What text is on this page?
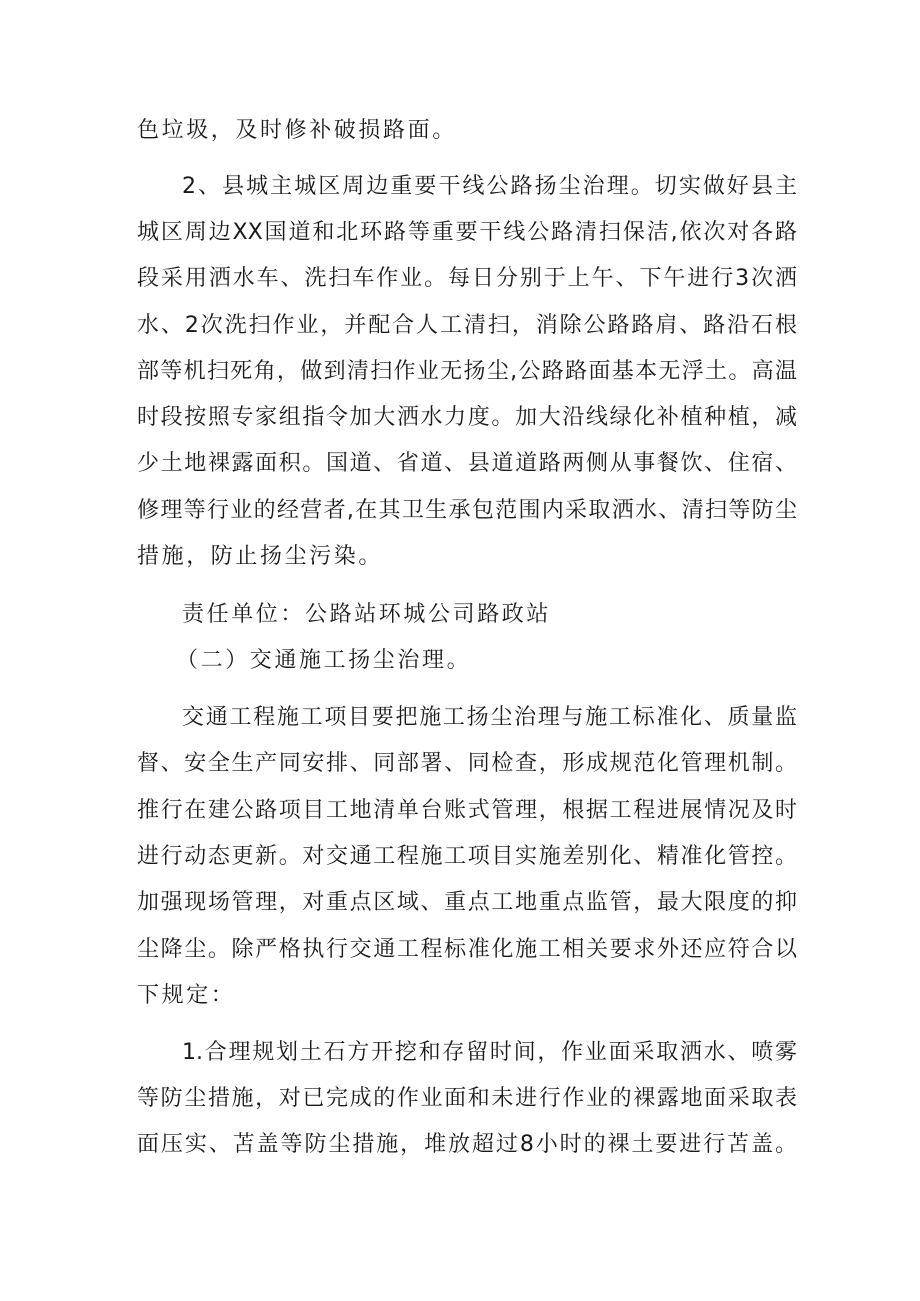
色垃圾，及时修补破损路面。
2、县城主城区周边重要干线公路扬尘治理。切实做好县主
城区周边XX国道和北环路等重要干线公路清扫保洁,依次对各路
段采用洒水车、洗扫车作业。每日分别于上午、下午进行3次洒
水、2次洗扫作业，并配合人工清扫，消除公路路肩、路沿石根
部等机扫死角，做到清扫作业无扬尘,公路路面基本无浮土。高温
时段按照专家组指令加大洒水力度。加大沿线绿化补植种植，减
少土地裸露面积。国道、省道、县道道路两侧从事餐饮、住宿、
修理等行业的经营者,在其卫生承包范围内采取洒水、清扫等防尘
措施，防止扬尘污染。
责任单位：公路站环城公司路政站
（二）交通施工扬尘治理。
交通工程施工项目要把施工扬尘治理与施工标准化、质量监
督、安全生产同安排、同部署、同检查，形成规范化管理机制。
推行在建公路项目工地清单台账式管理，根据工程进展情况及时
进行动态更新。对交通工程施工项目实施差别化、精准化管控。
加强现场管理，对重点区域、重点工地重点监管，最大限度的抑
尘降尘。除严格执行交通工程标准化施工相关要求外还应符合以
下规定：
1.合理规划土石方开挖和存留时间，作业面采取洒水、喷雾
等防尘措施，对已完成的作业面和未进行作业的裸露地面采取表
面压实、苫盖等防尘措施，堆放超过8小时的裸土要进行苫盖。
